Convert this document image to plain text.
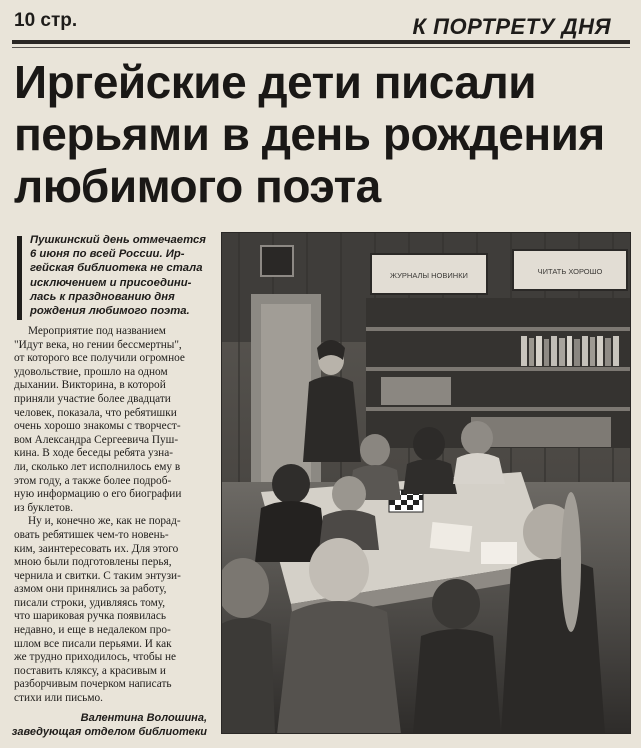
10 стр.	К ПОРТРЕТУ ДНЯ
Иргейские дети писали
перьями в день рождения
любимого поэта
Пушкинский день отмечается
6 июня по всей России. Ир-
гейская библиотека не стала
исключением и присоедини-
лась к празднованию дня
рождения любимого поэта.
Мероприятие под названием
"Идут века, но гении бессмертны",
от которого все получили огромное
удовольствие, прошло на одном
дыхании. Викторина, в которой
приняли участие более двадцати
человек, показала, что ребятишки
очень хорошо знакомы с творчест-
вом Александра Сергеевича Пуш-
кина. В ходе беседы ребята узна-
ли, сколько лет исполнилось ему в
этом году, а также более подроб-
ную информацию о его биографии
из буклетов.
Ну и, конечно же, как не порад-
овать ребятишек чем-то новень-
ким, заинтересовать их. Для этого
мною были подготовлены перья,
чернила и свитки. С таким энтузи-
азмом они принялись за работу,
писали строки, удивляясь тому,
что шариковая ручка появилась
недавно, и еще в недалеком про-
шлом все писали перьями. И как
же трудно приходилось, чтобы не
поставить кляксу, а красивым и
разборчивым почерком написать
стихи или письмо.
Валентина Волошина,
заведующая отделом библиотеки
ЖУРНАЛЫ НОВИНКИ	ЧИТАТЬ ХОРОШО
